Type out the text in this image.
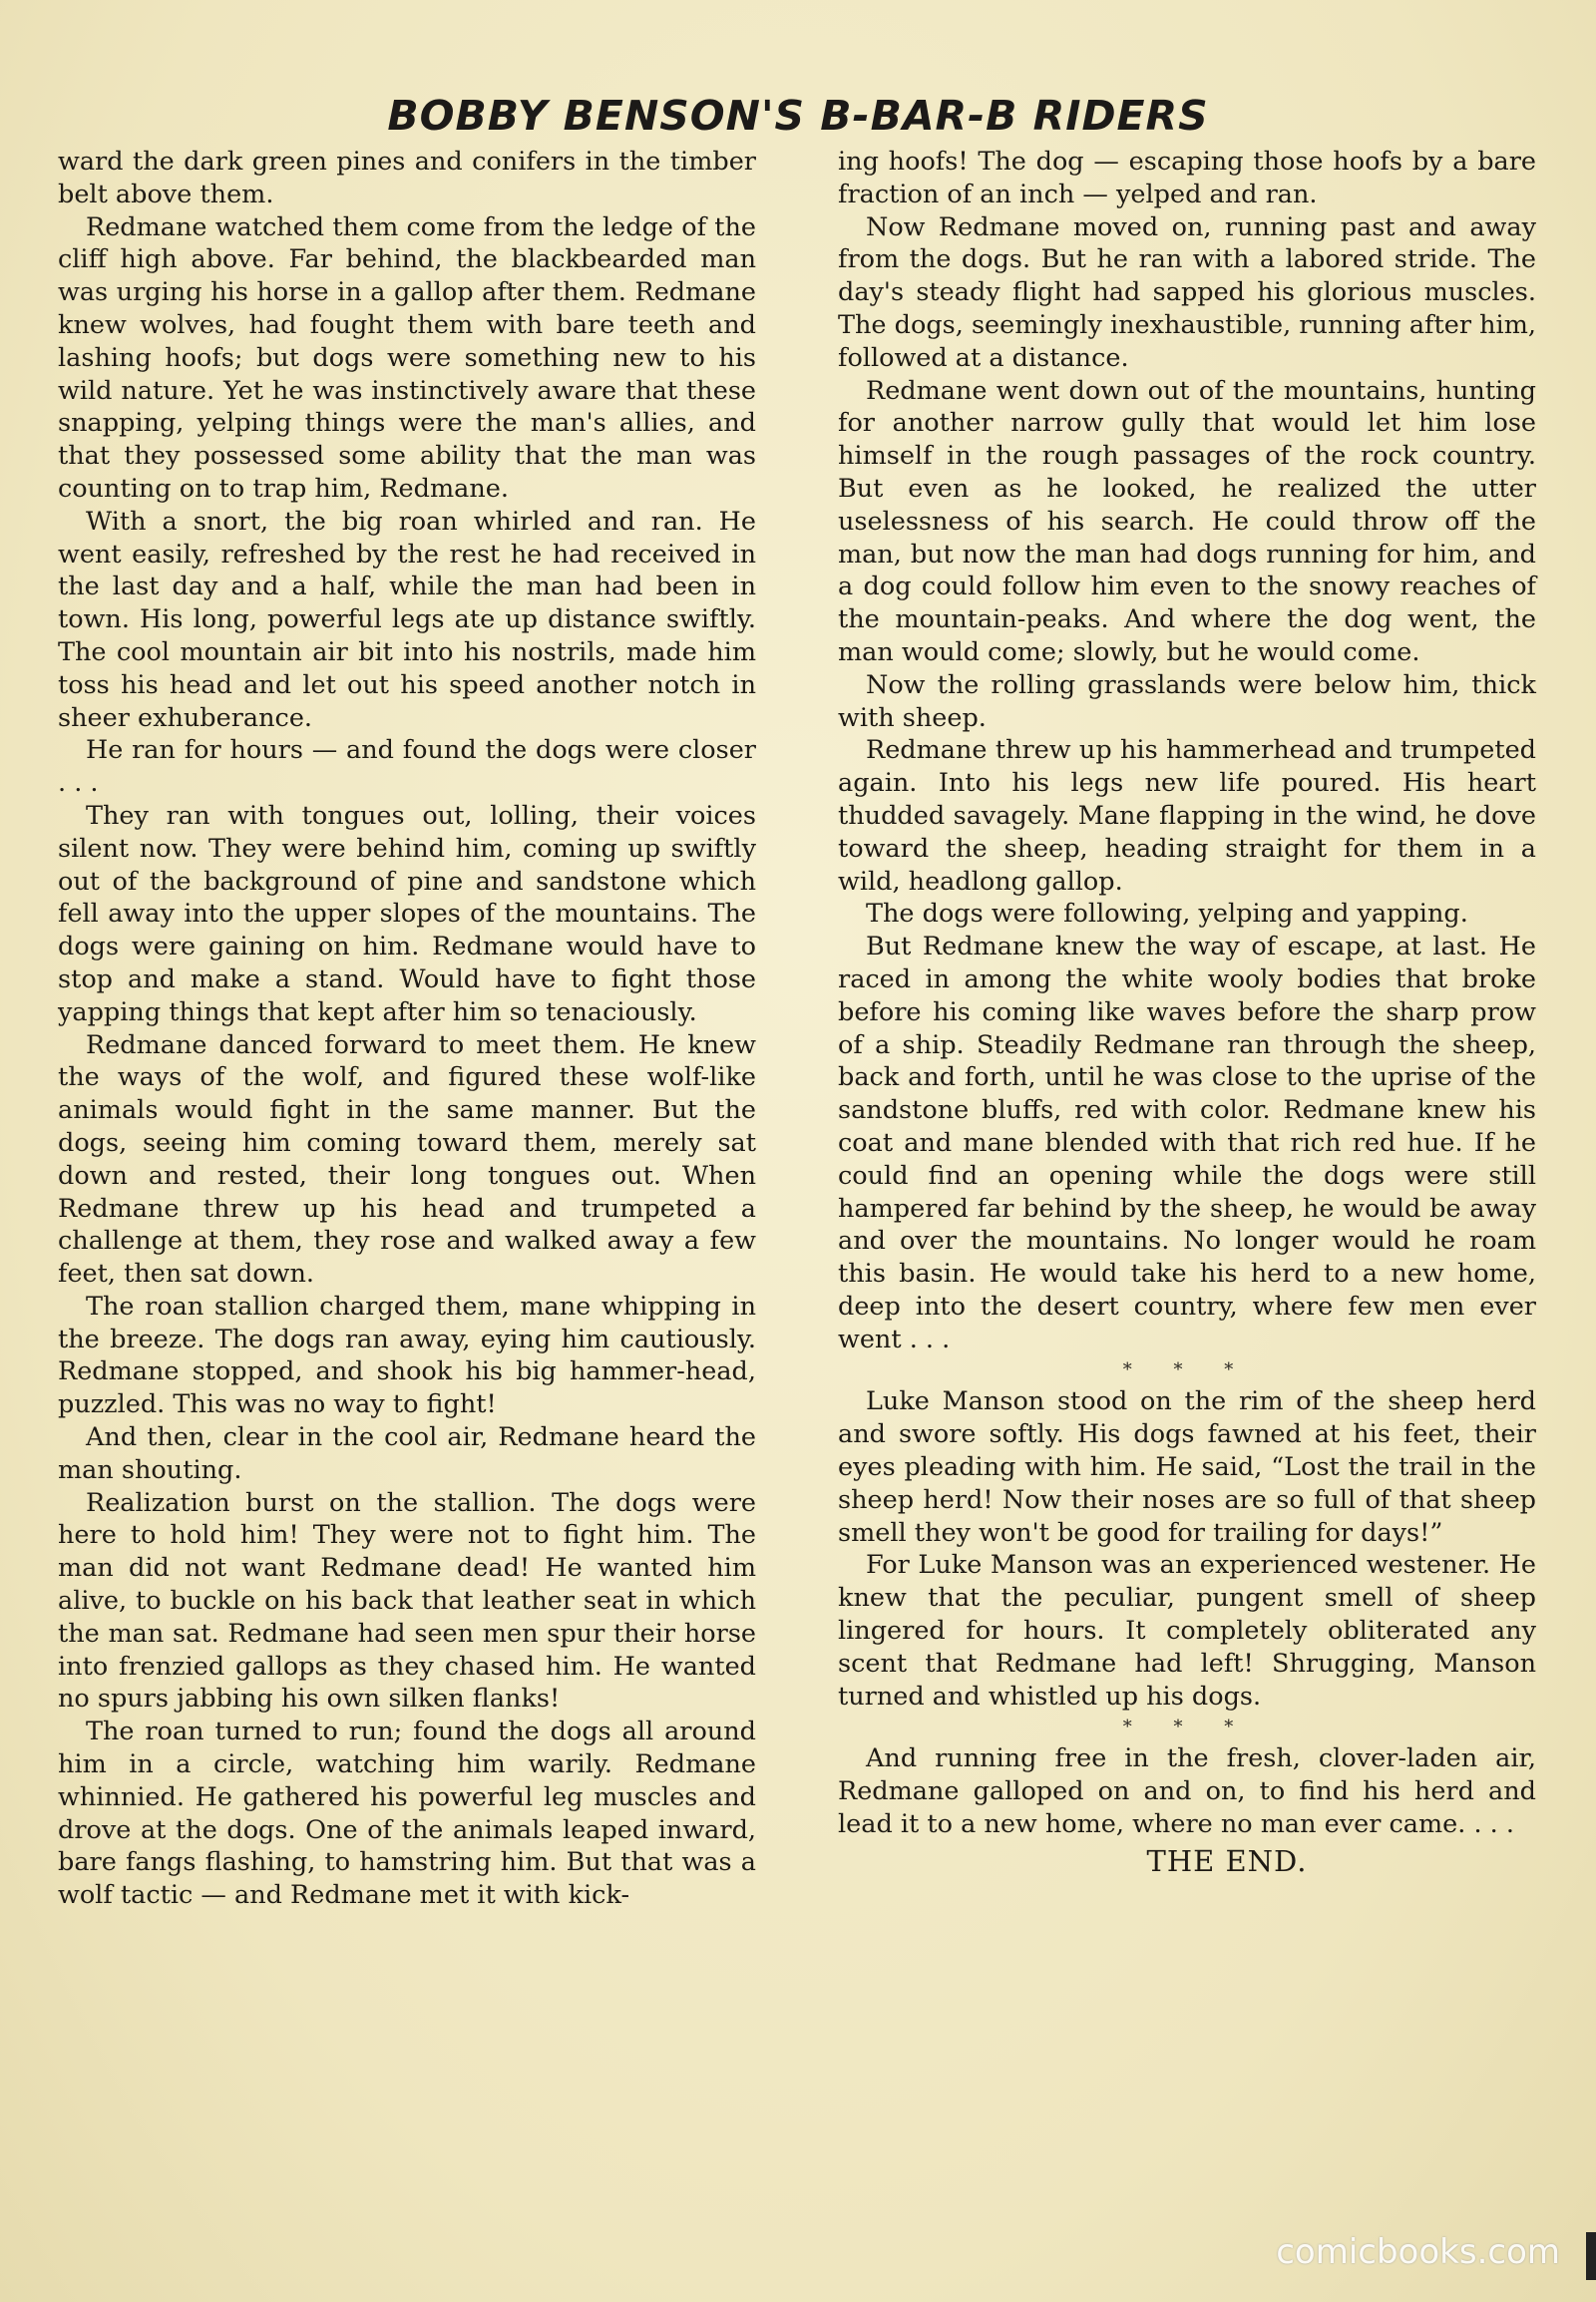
BOBBY BENSON'S B-BAR-B RIDERS

ward the dark green pines and conifers in the timber belt above them.

Redmane watched them come from the ledge of the cliff high above. Far behind, the blackbearded man was urging his horse in a gallop after them. Redmane knew wolves, had fought them with bare teeth and lashing hoofs; but dogs were something new to his wild nature. Yet he was instinctively aware that these snapping, yelping things were the man's allies, and that they possessed some ability that the man was counting on to trap him, Redmane.

With a snort, the big roan whirled and ran. He went easily, refreshed by the rest he had received in the last day and a half, while the man had been in town. His long, powerful legs ate up distance swiftly. The cool mountain air bit into his nostrils, made him toss his head and let out his speed another notch in sheer exhuberance.

He ran for hours — and found the dogs were closer . . .

They ran with tongues out, lolling, their voices silent now. They were behind him, coming up swiftly out of the background of pine and sandstone which fell away into the upper slopes of the mountains. The dogs were gaining on him. Redmane would have to stop and make a stand. Would have to fight those yapping things that kept after him so tenaciously.

Redmane danced forward to meet them. He knew the ways of the wolf, and figured these wolf-like animals would fight in the same manner. But the dogs, seeing him coming toward them, merely sat down and rested, their long tongues out. When Redmane threw up his head and trumpeted a challenge at them, they rose and walked away a few feet, then sat down.

The roan stallion charged them, mane whipping in the breeze. The dogs ran away, eying him cautiously. Redmane stopped, and shook his big hammer-head, puzzled. This was no way to fight!

And then, clear in the cool air, Redmane heard the man shouting.

Realization burst on the stallion. The dogs were here to hold him! They were not to fight him. The man did not want Redmane dead! He wanted him alive, to buckle on his back that leather seat in which the man sat. Redmane had seen men spur their horse into frenzied gallops as they chased him. He wanted no spurs jabbing his own silken flanks!

The roan turned to run; found the dogs all around him in a circle, watching him warily. Redmane whinnied. He gathered his powerful leg muscles and drove at the dogs. One of the animals leaped inward, bare fangs flashing, to hamstring him. But that was a wolf tactic — and Redmane met it with kick-

ing hoofs! The dog — escaping those hoofs by a bare fraction of an inch — yelped and ran.

Now Redmane moved on, running past and away from the dogs. But he ran with a labored stride. The day's steady flight had sapped his glorious muscles. The dogs, seemingly inexhaustible, running after him, followed at a distance.

Redmane went down out of the mountains, hunting for another narrow gully that would let him lose himself in the rough passages of the rock country. But even as he looked, he realized the utter uselessness of his search. He could throw off the man, but now the man had dogs running for him, and a dog could follow him even to the snowy reaches of the mountain-peaks. And where the dog went, the man would come; slowly, but he would come.

Now the rolling grasslands were below him, thick with sheep.

Redmane threw up his hammerhead and trumpeted again. Into his legs new life poured. His heart thudded savagely. Mane flapping in the wind, he dove toward the sheep, heading straight for them in a wild, headlong gallop.

The dogs were following, yelping and yapping.

But Redmane knew the way of escape, at last. He raced in among the white wooly bodies that broke before his coming like waves before the sharp prow of a ship. Steadily Redmane ran through the sheep, back and forth, until he was close to the uprise of the sandstone bluffs, red with color. Redmane knew his coat and mane blended with that rich red hue. If he could find an opening while the dogs were still hampered far behind by the sheep, he would be away and over the mountains. No longer would he roam this basin. He would take his herd to a new home, deep into the desert country, where few men ever went . . .

* * *

Luke Manson stood on the rim of the sheep herd and swore softly. His dogs fawned at his feet, their eyes pleading with him. He said, “Lost the trail in the sheep herd! Now their noses are so full of that sheep smell they won't be good for trailing for days!”

For Luke Manson was an experienced westener. He knew that the peculiar, pungent smell of sheep lingered for hours. It completely obliterated any scent that Redmane had left! Shrugging, Manson turned and whistled up his dogs.

* * *

And running free in the fresh, clover-laden air, Redmane galloped on and on, to find his herd and lead it to a new home, where no man ever came. . . .

THE END.
comicbooks.com
